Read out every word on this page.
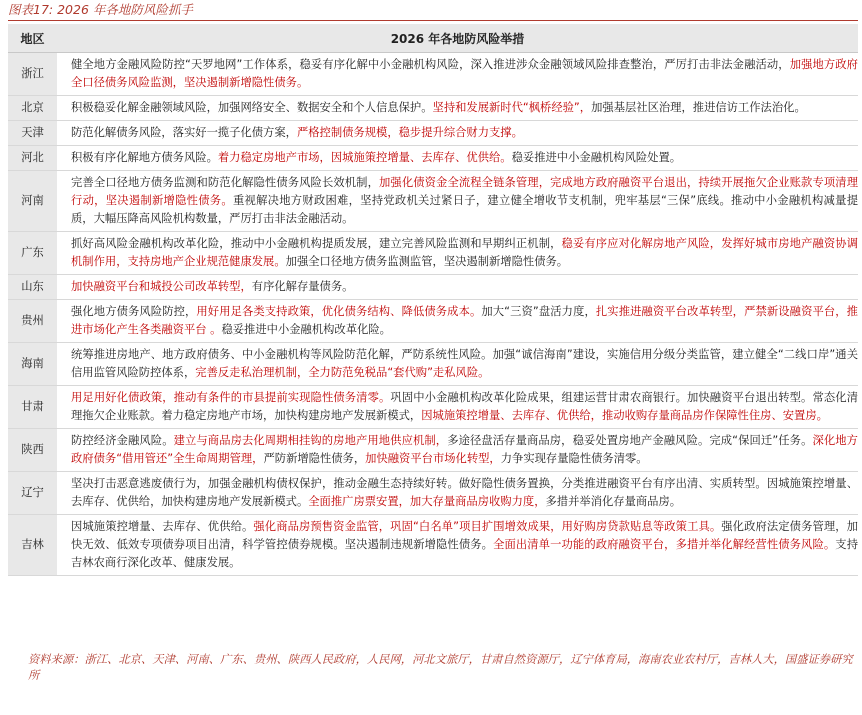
图表17: 2026 年各地防风险抓手
地区	2026 年各地防风险举措
浙江	健全地方金融风险防控“天罗地网”工作体系，稳妥有序化解中小金融机构风险，深入推进涉众金融领域风险排查整治，严厉打击非法金融活动，加强地方政府全口径债务风险监测，坚决遏制新增隐性债务。
北京	积极稳妥化解金融领域风险，加强网络安全、数据安全和个人信息保护。坚持和发展新时代“枫桥经验”，加强基层社区治理，推进信访工作法治化。
天津	防范化解债务风险，落实好一揽子化债方案，严格控制债务规模，稳步提升综合财力支撑。
河北	积极有序化解地方债务风险。着力稳定房地产市场，因城施策控增量、去库存、优供给。稳妥推进中小金融机构风险处置。
河南	完善全口径地方债务监测和防范化解隐性债务风险长效机制，加强化债资金全流程全链条管理，完成地方政府融资平台退出，持续开展拖欠企业账款专项清理行动，坚决遏制新增隐性债务。重视解决地方财政困难，坚持党政机关过紧日子，建立健全增收节支机制，兜牢基层“三保”底线。推动中小金融机构减量提质，大幅压降高风险机构数量，严厉打击非法金融活动。
广东	抓好高风险金融机构改革化险，推动中小金融机构提质发展，建立完善风险监测和早期纠正机制，稳妥有序应对化解房地产风险，发挥好城市房地产融资协调机制作用，支持房地产企业规范健康发展。加强全口径地方债务监测监管，坚决遏制新增隐性债务。
山东	加快融资平台和城投公司改革转型，有序化解存量债务。
贵州	强化地方债务风险防控，用好用足各类支持政策，优化债务结构、降低债务成本。加大“三资”盘活力度，扎实推进融资平台改革转型，严禁新设融资平台，推进市场化产生各类融资平台 。稳妥推进中小金融机构改革化险。
海南	统筹推进房地产、地方政府债务、中小金融机构等风险防范化解，严防系统性风险。加强“诚信海南”建设，实施信用分级分类监管，建立健全“二线口岸”通关信用监管风险防控体系，完善反走私治理机制，全力防范免税品“套代购”走私风险。
甘肃	用足用好化债政策，推动有条件的市县提前实现隐性债务清零。巩固中小金融机构改革化险成果，组建运营甘肃农商银行。加快融资平台退出转型。常态化清理拖欠企业账款。着力稳定房地产市场，加快构建房地产发展新模式，因城施策控增量、去库存、优供给，推动收购存量商品房作保障性住房、安置房。
陕西	防控经济金融风险。建立与商品房去化周期相挂钩的房地产用地供应机制，多途径盘活存量商品房，稳妥处置房地产金融风险。完成“保回迁”任务。深化地方政府债务“借用管还”全生命周期管理，严防新增隐性债务，加快融资平台市场化转型，力争实现存量隐性债务清零。
辽宁	坚决打击恶意逃废债行为，加强金融机构债权保护，推动金融生态持续好转。做好隐性债务置换，分类推进融资平台有序出清、实质转型。因城施策控增量、去库存、优供给，加快构建房地产发展新模式。全面推广房票安置，加大存量商品房收购力度，多措并举消化存量商品房。
吉林	因城施策控增量、去库存、优供给。强化商品房预售资金监管，巩固“白名单”项目扩围增效成果，用好购房贷款贴息等政策工具。强化政府法定债务管理，加快无效、低效专项债券项目出清，科学管控债券规模。坚决遏制违规新增隐性债务。全面出清单一功能的政府融资平台，多措并举化解经营性债务风险。支持吉林农商行深化改革、健康发展。
资料来源：浙江、北京、天津、河南、广东、贵州、陕西人民政府，人民网，河北文旅厅，甘肃自然资源厅，辽宁体育局，海南农业农村厅，吉林人大，国盛证券研究所
